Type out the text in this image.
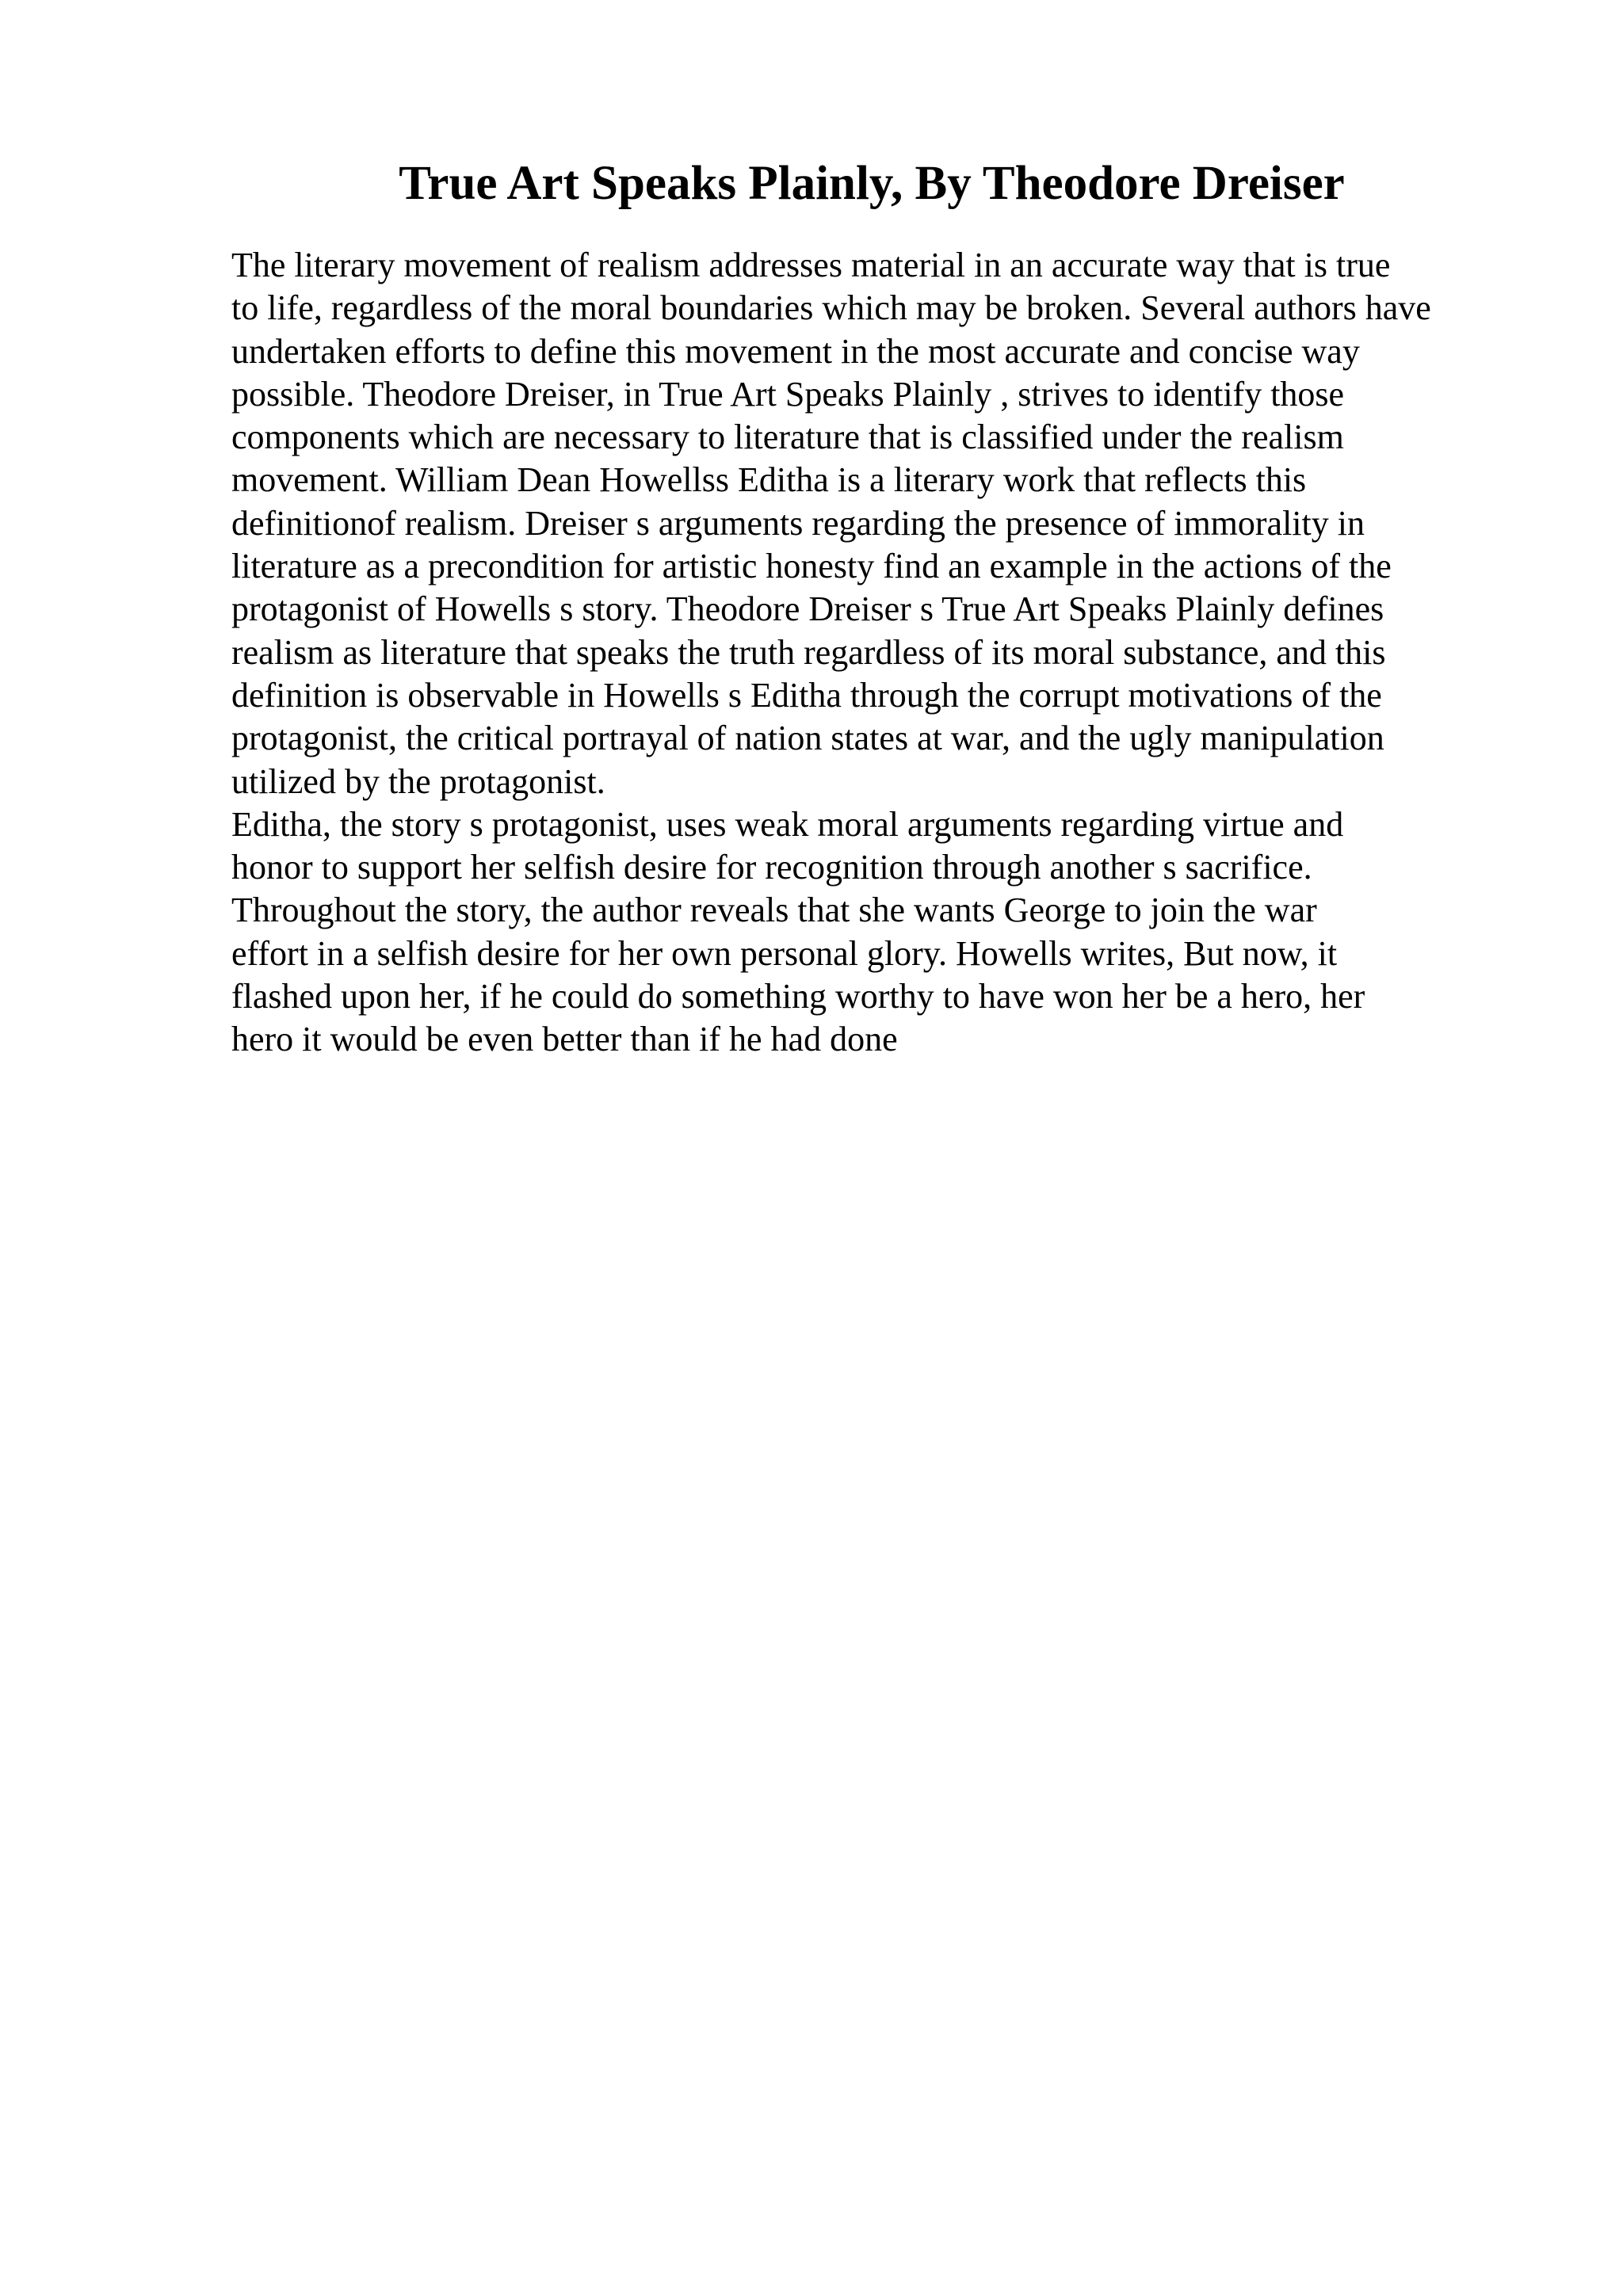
True Art Speaks Plainly, By Theodore Dreiser
The literary movement of realism addresses material in an accurate way that is true
to life, regardless of the moral boundaries which may be broken. Several authors have
undertaken efforts to define this movement in the most accurate and concise way
possible. Theodore Dreiser, in True Art Speaks Plainly , strives to identify those
components which are necessary to literature that is classified under the realism
movement. William Dean Howellss Editha is a literary work that reflects this
definitionof realism. Dreiser s arguments regarding the presence of immorality in
literature as a precondition for artistic honesty find an example in the actions of the
protagonist of Howells s story. Theodore Dreiser s True Art Speaks Plainly defines
realism as literature that speaks the truth regardless of its moral substance, and this
definition is observable in Howells s Editha through the corrupt motivations of the
protagonist, the critical portrayal of nation states at war, and the ugly manipulation
utilized by the protagonist.
Editha, the story s protagonist, uses weak moral arguments regarding virtue and
honor to support her selfish desire for recognition through another s sacrifice.
Throughout the story, the author reveals that she wants George to join the war
effort in a selfish desire for her own personal glory. Howells writes, But now, it
flashed upon her, if he could do something worthy to have won her be a hero, her
hero it would be even better than if he had done
